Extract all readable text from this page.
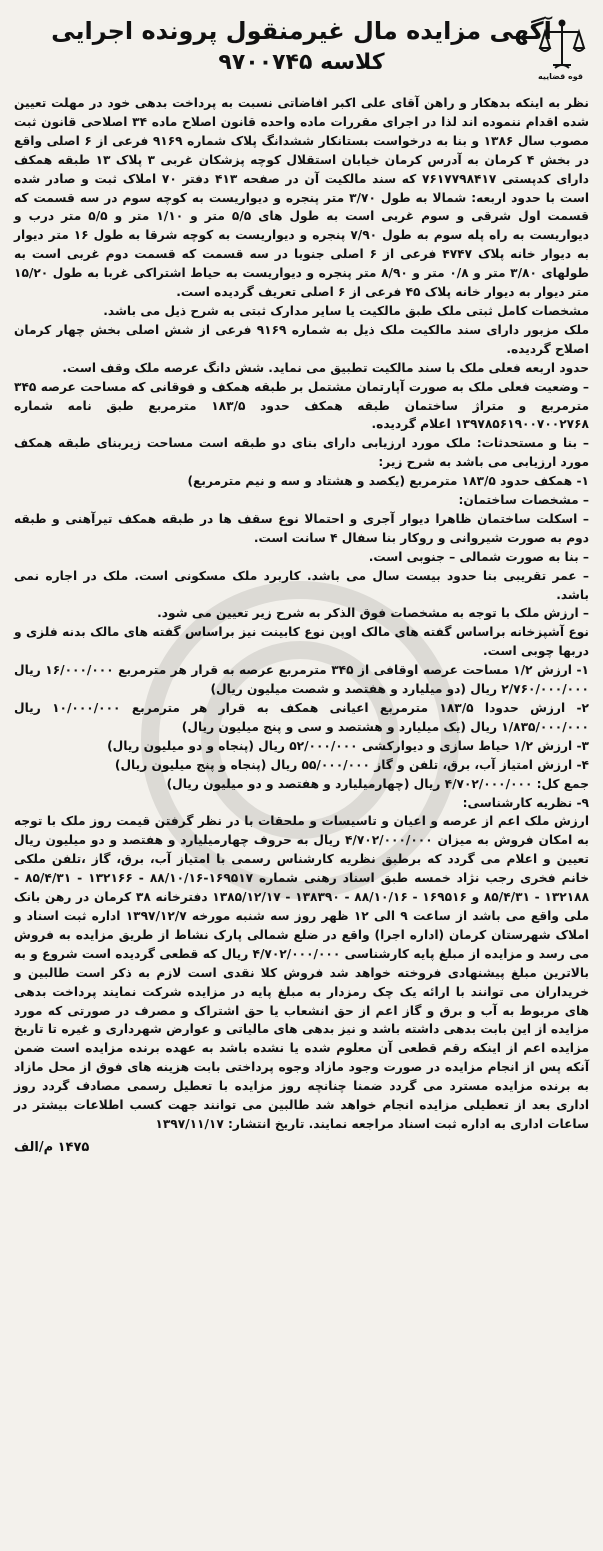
قوه قضاییه
آگهی مزایده مال غیرمنقول پرونده اجرایی
کلاسه ۹۷۰۰۷۴۵

نظر به اینکه بدهکار و راهن آقای علی اکبر افاضاتی نسبت به پرداخت بدهی خود در مهلت تعیین شده اقدام ننموده اند لذا در اجرای مقررات ماده واحده قانون اصلاح ماده ۳۴ اصلاحی قانون ثبت مصوب سال ۱۳۸۶ و بنا به درخواست بستانکار ششدانگ پلاک شماره ۹۱۶۹ فرعی از ۶ اصلی واقع در بخش ۴ کرمان به آدرس کرمان خیابان استقلال کوچه پزشکان غربی ۳ پلاک ۱۳ طبقه همکف دارای کدپستی ۷۶۱۷۷۹۸۴۱۷ که سند مالکیت آن در صفحه ۴۱۳ دفتر ۷۰ املاک ثبت و صادر شده است با حدود اربعه: شمالا به طول ۳/۷۰ متر پنجره و دیواریست به کوچه سوم در سه قسمت که قسمت اول شرقی و سوم غربی است به طول های ۵/۵ متر و ۱/۱۰ متر و ۵/۵ متر درب و دیواریست به راه پله سوم به طول ۷/۹۰ پنجره و دیواریست به کوچه شرقا به طول ۱۶ متر دیوار به دیوار خانه پلاک ۴۷۴۷ فرعی از ۶ اصلی جنوبا در سه قسمت که قسمت دوم غربی است به طولهای ۳/۸۰ متر و ۰/۸ متر و ۸/۹۰ متر پنجره و دیواریست به حیاط اشتراکی غربا به طول ۱۵/۲۰ متر دیوار به دیوار خانه پلاک ۴۵ فرعی از ۶ اصلی تعریف گردیده است.

مشخصات کامل ثبتی ملک طبق مالکیت یا سایر مدارک ثبتی به شرح ذیل می باشد.

ملک مزبور دارای سند مالکیت ملک ذیل به شماره ۹۱۶۹ فرعی از شش اصلی بخش چهار کرمان اصلاح گردیده.

حدود اربعه فعلی ملک با سند مالکیت تطبیق می نماید. شش دانگ عرصه ملک وقف است.

– وضعیت فعلی ملک به صورت آپارتمان مشتمل بر طبقه همکف و فوقانی که مساحت عرصه ۳۴۵ مترمربع و متراژ ساختمان طبقه همکف حدود ۱۸۳/۵ مترمربع طبق نامه شماره ۱۳۹۷۸۵۶۱۹۰۰۷۰۰۲۷۶۸ اعلام گردیده.

– بنا و مستحدثات: ملک مورد ارزیابی دارای بنای دو طبقه است مساحت زیربنای طبقه همکف مورد ارزیابی می باشد به شرح زیر:

۱- همکف حدود ۱۸۳/۵ مترمربع (یکصد و هشتاد و سه و نیم مترمربع)

– مشخصات ساختمان:

– اسکلت ساختمان ظاهرا دیوار آجری و احتمالا نوع سقف ها در طبقه همکف تیرآهنی و طبقه دوم به صورت شیروانی و روکار بنا سفال ۴ سانت است.

– بنا به صورت شمالی – جنوبی است.

– عمر تقریبی بنا حدود بیست سال می باشد. کاربرد ملک مسکونی است. ملک در اجاره نمی باشد.

– ارزش ملک با توجه به مشخصات فوق الذکر به شرح زیر تعیین می شود.

نوع آشپزخانه براساس گفته های مالک اوپن نوع کابینت نیز براساس گفته های مالک بدنه فلزی و دربها چوبی است.

۱- ارزش ۱/۲ مساحت عرصه اوقافی از ۳۴۵ مترمربع عرصه به قرار هر مترمربع ۱۶/۰۰۰/۰۰۰ ریال ۲/۷۶۰/۰۰۰/۰۰۰ ریال (دو میلیارد و هفتصد و شصت میلیون ریال)

۲- ارزش حدودا ۱۸۳/۵ مترمربع اعیانی همکف به قرار هر مترمربع ۱۰/۰۰۰/۰۰۰ ریال ۱/۸۳۵/۰۰۰/۰۰۰ ریال (یک میلیارد و هشتصد و سی و پنج میلیون ریال)

۳- ارزش ۱/۲ حیاط سازی و دیوارکشی ۵۲/۰۰۰/۰۰۰ ریال (پنجاه و دو میلیون ریال)

۴- ارزش امتیاز آب، برق، تلفن و گاز ۵۵/۰۰۰/۰۰۰ ریال (پنجاه و پنج میلیون ریال)

جمع کل: ۴/۷۰۲/۰۰۰/۰۰۰ ریال (چهارمیلیارد و هفتصد و دو میلیون ریال)

۹- نظریه کارشناسی:

ارزش ملک اعم از عرصه و اعیان و تاسیسات و ملحقات با در نظر گرفتن قیمت روز ملک با توجه به امکان فروش به میزان ۴/۷۰۲/۰۰۰/۰۰۰ ریال به حروف چهارمیلیارد و هفتصد و دو میلیون ریال تعیین و اعلام می گردد که برطبق نظریه کارشناس رسمی با امتیاز آب، برق، گاز ،تلفن ملکی خانم فخری رجب نژاد خمسه طبق اسناد رهنی شماره ۱۶۹۵۱۷-۸۸/۱۰/۱۶ - ۱۳۲۱۶۶ - ۸۵/۴/۳۱ - ۱۳۲۱۸۸ - ۸۵/۴/۳۱ و ۱۶۹۵۱۶ - ۸۸/۱۰/۱۶ - ۱۳۸۳۹۰ - ۱۳۸۵/۱۲/۱۷ دفترخانه ۳۸ کرمان در رهن بانک ملی واقع می باشد از ساعت ۹ الی ۱۲ ظهر روز سه شنبه مورخه ۱۳۹۷/۱۲/۷ اداره ثبت اسناد و املاک شهرستان کرمان (اداره اجرا) واقع در ضلع شمالی پارک نشاط از طریق مزایده به فروش می رسد و مزایده از مبلغ پایه کارشناسی ۴/۷۰۲/۰۰۰/۰۰۰ ریال که قطعی گردیده است شروع و به بالاترین مبلغ پیشنهادی فروخته خواهد شد فروش کلا نقدی است لازم به ذکر است طالبین و خریداران می توانند با ارائه یک چک رمزدار به مبلغ پایه در مزایده شرکت نمایند پرداخت بدهی های مربوط به آب و برق و گاز اعم از حق انشعاب یا حق اشتراک و مصرف در صورتی که مورد مزایده از این بابت بدهی داشته باشد و نیز بدهی های مالیاتی و عوارض شهرداری و غیره تا تاریخ مزایده اعم از اینکه رقم قطعی آن معلوم شده یا نشده باشد به عهده برنده مزایده است ضمن آنکه پس از انجام مزایده در صورت وجود مازاد وجوه پرداختی بابت هزینه های فوق از محل مازاد به برنده مزایده مسترد می گردد ضمنا چنانچه روز مزایده با تعطیل رسمی مصادف گردد روز اداری بعد از تعطیلی مزایده انجام خواهد شد طالبین می توانند جهت کسب اطلاعات بیشتر در ساعات اداری به اداره ثبت اسناد مراجعه نمایند. تاریخ انتشار: ۱۳۹۷/۱۱/۱۷

۱۴۷۵ م/الف
